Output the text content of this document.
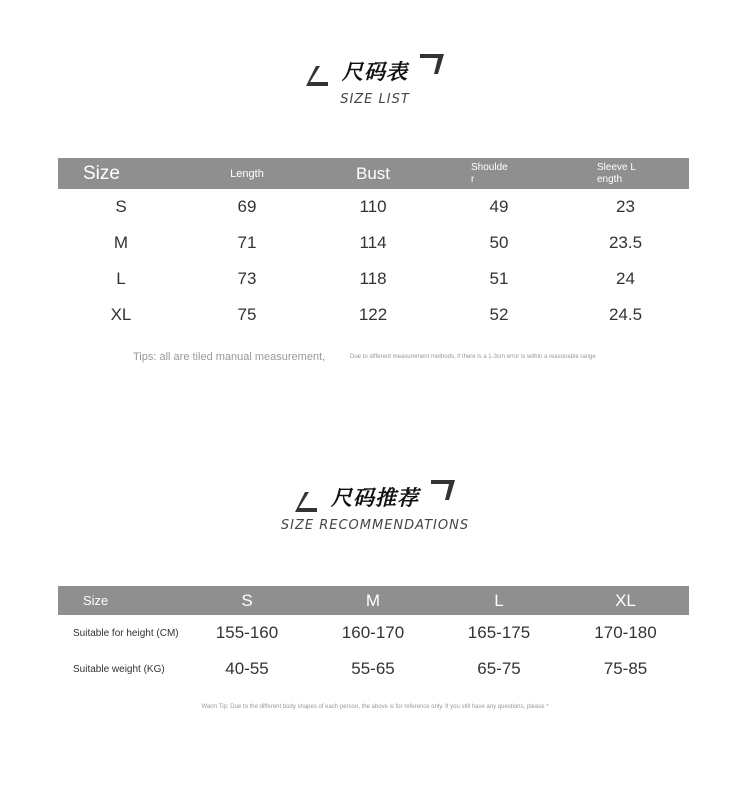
尺码表
SIZE LIST
Size	Length	Bust	Shoulder	Sleeve Length

S	69	110	49	23
M	71	114	50	23.5
L	73	118	51	24
XL	75	122	52	24.5
Tips: all are tiled manual measurement,	Due to different measurement methods, if there is a 1-3cm error is within a reasonable range
尺码推荐
SIZE RECOMMENDATIONS
Size	S	M	L	XL
Suitable for height (CM)	155-160	160-170	165-175	170-180
Suitable weight (KG)	40-55	55-65	65-75	75-85
Warm Tip: Due to the different body shapes of each person, the above is for reference only. If you still have any questions, please *
